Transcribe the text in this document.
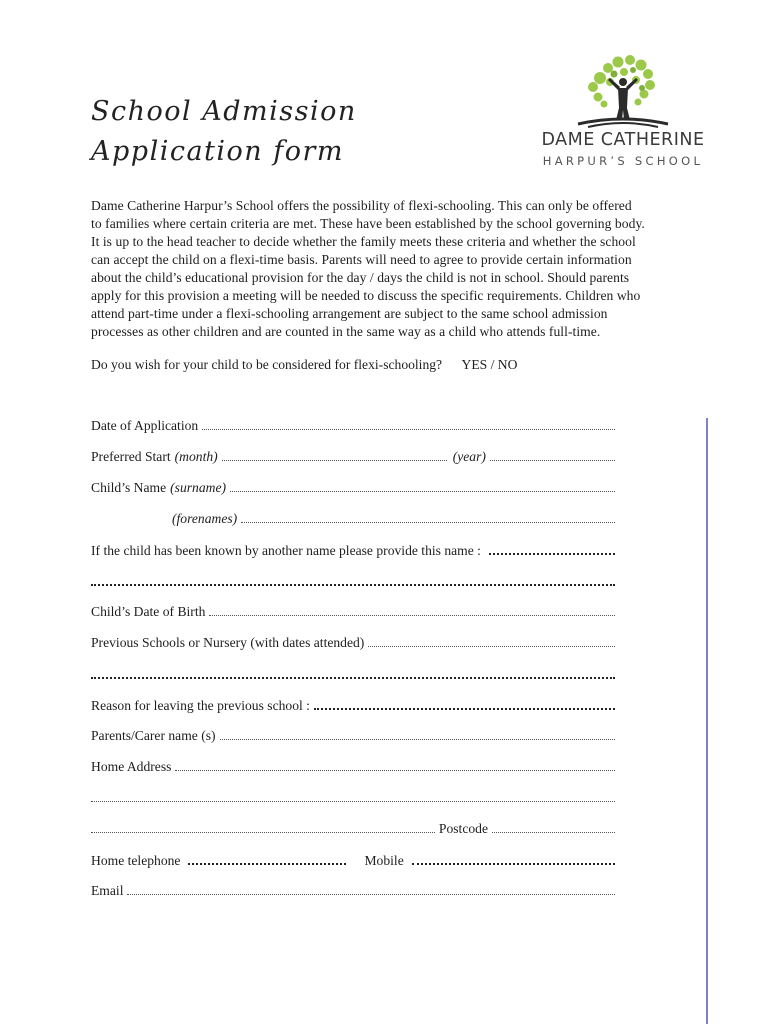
School Admission
Application form	DAME CATHERINE
HARPUR’S SCHOOL
Dame Catherine Harpur’s School offers the possibility of flexi-schooling. This can only be offered
to families where certain criteria are met. These have been established by the school governing body.
It is up to the head teacher to decide whether the family meets these criteria and whether the school
can accept the child on a flexi-time basis. Parents will need to agree to provide certain information
about the child’s educational provision for the day / days the child is not in school. Should parents
apply for this provision a meeting will be needed to discuss the specific requirements. Children who
attend part-time under a flexi-schooling arrangement are subject to the same school admission
processes as other children and are counted in the same way as a child who attends full-time.
Do you wish for your child to be considered for flexi-schooling? YES / NO
Date of Application
Preferred Start (month)	(year)
Child’s Name (surname)
(forenames)
If the child has been known by another name please provide this name :
Child’s Date of Birth
Previous Schools or Nursery (with dates attended)
Reason for leaving the previous school :
Parents/Carer name (s)
Home Address
Postcode
Home telephone	Mobile
Email
